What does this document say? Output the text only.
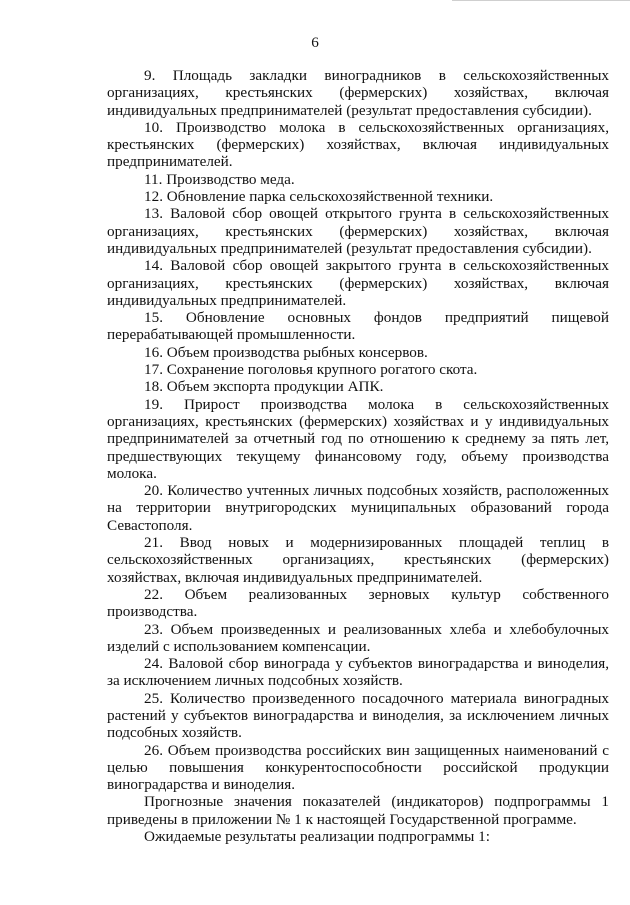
6

9. Площадь закладки виноградников в сельскохозяйственных организациях, крестьянских (фермерских) хозяйствах, включая индивидуальных предпринимателей (результат предоставления субсидии).

10. Производство молока в сельскохозяйственных организациях, крестьянских (фермерских) хозяйствах, включая индивидуальных предпринимателей.

11. Производство меда.

12. Обновление парка сельскохозяйственной техники.

13. Валовой сбор овощей открытого грунта в сельскохозяйственных организациях, крестьянских (фермерских) хозяйствах, включая индивидуальных предпринимателей (результат предоставления субсидии).

14. Валовой сбор овощей закрытого грунта в сельскохозяйственных организациях, крестьянских (фермерских) хозяйствах, включая индивидуальных предпринимателей.

15. Обновление основных фондов предприятий пищевой перерабатывающей промышленности.

16. Объем производства рыбных консервов.

17. Сохранение поголовья крупного рогатого скота.

18. Объем экспорта продукции АПК.

19. Прирост производства молока в сельскохозяйственных организациях, крестьянских (фермерских) хозяйствах и у индивидуальных предпринимателей за отчетный год по отношению к среднему за пять лет, предшествующих текущему финансовому году, объему производства молока.

20. Количество учтенных личных подсобных хозяйств, расположенных на территории внутригородских муниципальных образований города Севастополя.

21. Ввод новых и модернизированных площадей теплиц в сельскохозяйственных организациях, крестьянских (фермерских) хозяйствах, включая индивидуальных предпринимателей.

22. Объем реализованных зерновых культур собственного производства.

23. Объем произведенных и реализованных хлеба и хлебобулочных изделий с использованием компенсации.

24. Валовой сбор винограда у субъектов виноградарства и виноделия, за исключением личных подсобных хозяйств.

25. Количество произведенного посадочного материала виноградных растений у субъектов виноградарства и виноделия, за исключением личных подсобных хозяйств.

26. Объем производства российских вин защищенных наименований с целью повышения конкурентоспособности российской продукции виноградарства и виноделия.

Прогнозные значения показателей (индикаторов) подпрограммы 1 приведены в приложении № 1 к настоящей Государственной программе.

Ожидаемые результаты реализации подпрограммы 1:
